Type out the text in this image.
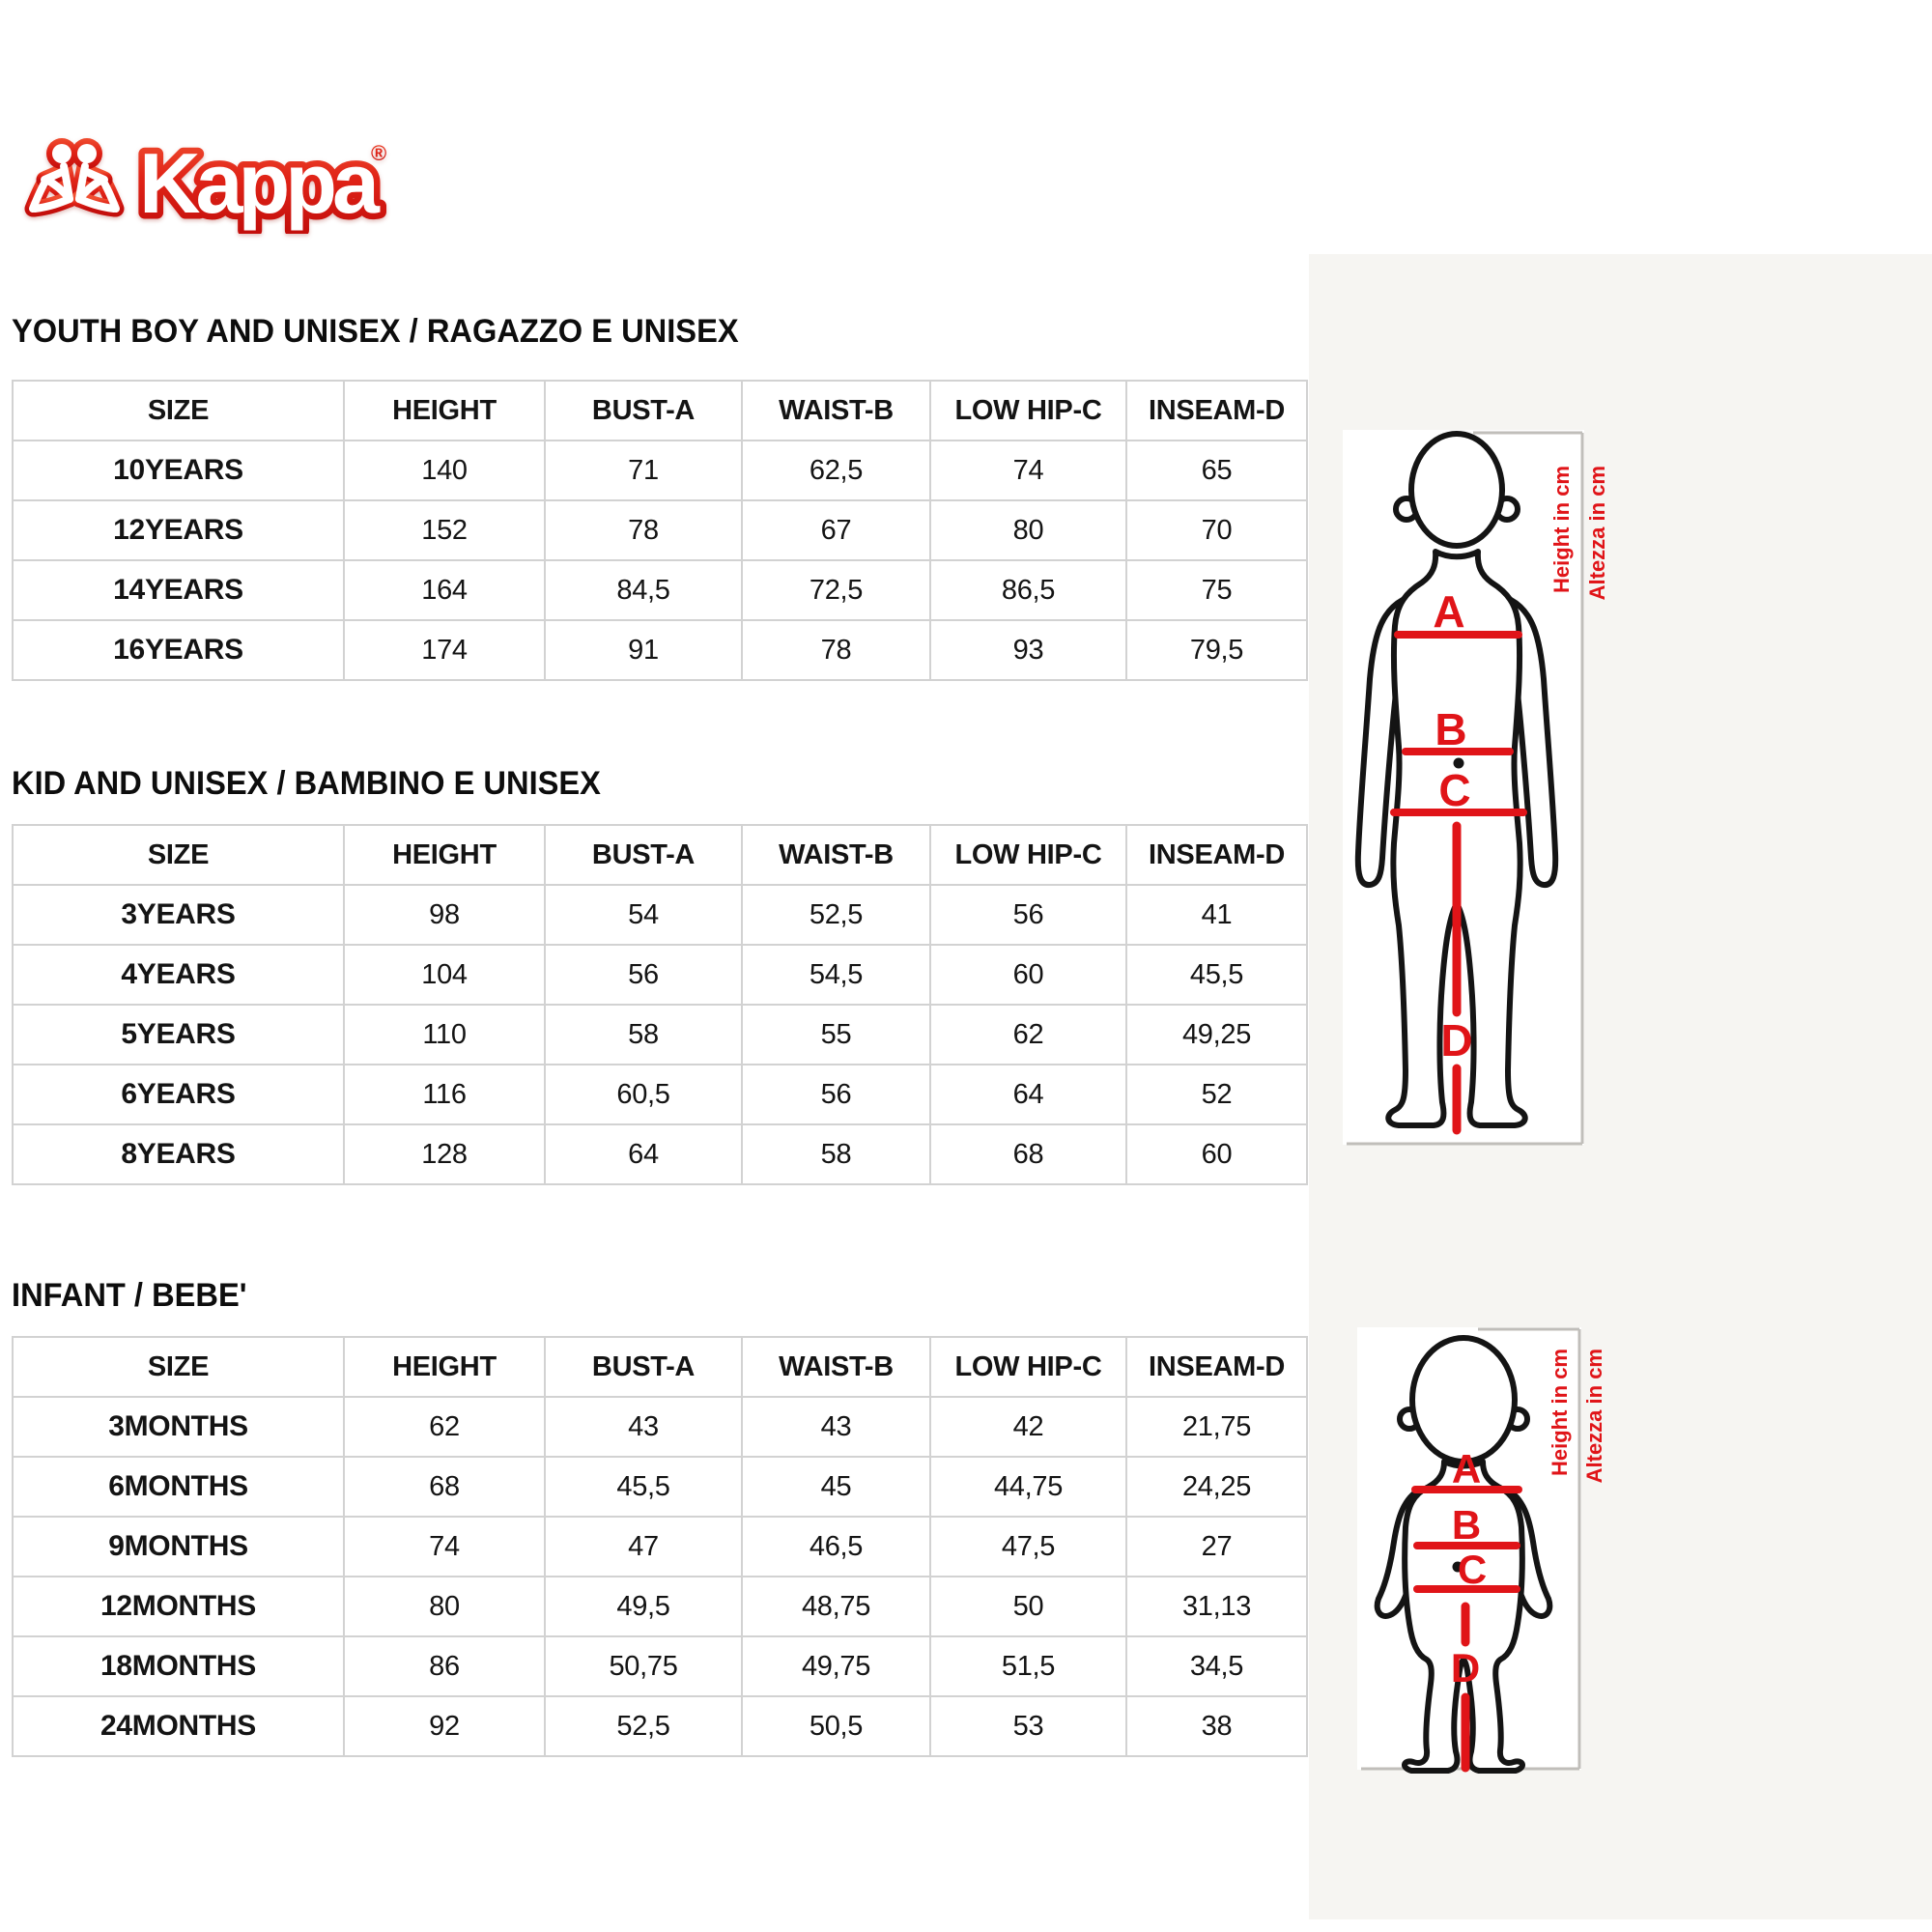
Kappa
®
YOUTH BOY AND UNISEX / RAGAZZO E UNISEX
KID AND UNISEX / BAMBINO E UNISEX
INFANT / BEBE'
SIZE	HEIGHT	BUST-A	WAIST-B	LOW HIP-C	INSEAM-D
10YEARS	140	71	62,5	74	65
12YEARS	152	78	67	80	70
14YEARS	164	84,5	72,5	86,5	75
16YEARS	174	91	78	93	79,5
SIZE	HEIGHT	BUST-A	WAIST-B	LOW HIP-C	INSEAM-D
3YEARS	98	54	52,5	56	41
4YEARS	104	56	54,5	60	45,5
5YEARS	110	58	55	62	49,25
6YEARS	116	60,5	56	64	52
8YEARS	128	64	58	68	60
SIZE	HEIGHT	BUST-A	WAIST-B	LOW HIP-C	INSEAM-D
3MONTHS	62	43	43	42	21,75
6MONTHS	68	45,5	45	44,75	24,25
9MONTHS	74	47	46,5	47,5	27
12MONTHS	80	49,5	48,75	50	31,13
18MONTHS	86	50,75	49,75	51,5	34,5
24MONTHS	92	52,5	50,5	53	38
A
B
C
D
Height in cm Altezza in cm
A
B
C
D
Height in cm Altezza in cm
